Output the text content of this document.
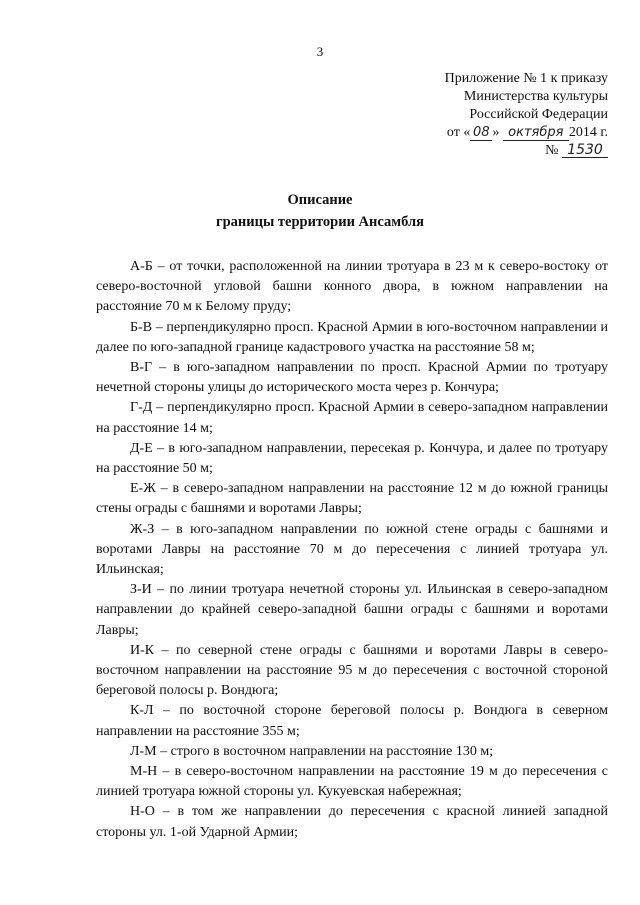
3
Приложение № 1 к приказу
Министерства культуры
Российской Федерации
от « 08 » октября 2014 г.
№ 1530
Описание
границы территории Ансамбля

А-Б – от точки, расположенной на линии тротуара в 23 м к северо-востоку от северо-восточной угловой башни конного двора, в южном направлении на расстояние 70 м к Белому пруду;

Б-В – перпендикулярно просп. Красной Армии в юго-восточном направлении и далее по юго-западной границе кадастрового участка на расстояние 58 м;

В-Г – в юго-западном направлении по просп. Красной Армии по тротуару нечетной стороны улицы до исторического моста через р. Кончура;

Г-Д – перпендикулярно просп. Красной Армии в северо-западном направлении на расстояние 14 м;

Д-Е – в юго-западном направлении, пересекая р. Кончура, и далее по тротуару на расстояние 50 м;

Е-Ж – в северо-западном направлении на расстояние 12 м до южной границы стены ограды с башнями и воротами Лавры;

Ж-З – в юго-западном направлении по южной стене ограды с башнями и воротами Лавры на расстояние 70 м до пересечения с линией тротуара ул. Ильинская;

З-И – по линии тротуара нечетной стороны ул. Ильинская в северо-западном направлении до крайней северо-западной башни ограды с башнями и воротами Лавры;

И-К – по северной стене ограды с башнями и воротами Лавры в северо-восточном направлении на расстояние 95 м до пересечения с восточной стороной береговой полосы р. Вондюга;

К-Л – по восточной стороне береговой полосы р. Вондюга в северном направлении на расстояние 355 м;

Л-М – строго в восточном направлении на расстояние 130 м;

М-Н – в северо-восточном направлении на расстояние 19 м до пересечения с линией тротуара южной стороны ул. Кукуевская набережная;

Н-О – в том же направлении до пересечения с красной линией западной стороны ул. 1-ой Ударной Армии;
